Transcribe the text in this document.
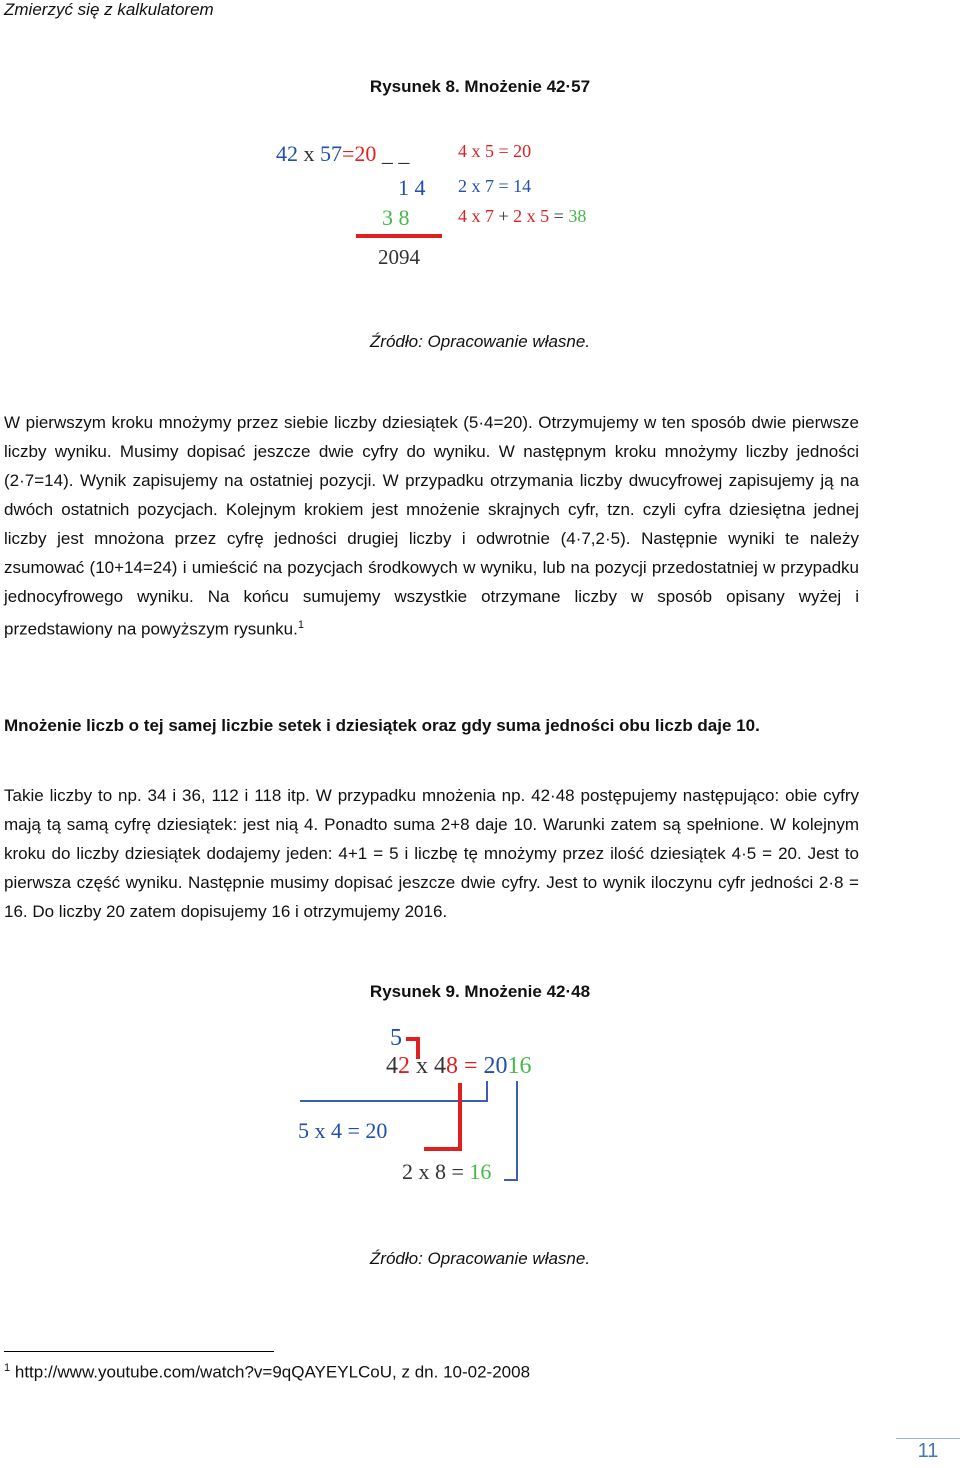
Zmierzyć się z kalkulatorem
Rysunek 8. Mnożenie 42·57
42 x 57=20 _ _
1 4
3 8
2094
4 x 5 = 20
2 x 7 = 14
4 x 7 + 2 x 5 = 38
Źródło: Opracowanie własne.

W pierwszym kroku mnożymy przez siebie liczby dziesiątek (5·4=20). Otrzymujemy w ten sposób dwie pierwsze liczby wyniku. Musimy dopisać jeszcze dwie cyfry do wyniku. W następnym kroku mnożymy liczby jedności (2·7=14). Wynik zapisujemy na ostatniej pozycji. W przypadku otrzymania liczby dwucyfrowej zapisujemy ją na dwóch ostatnich pozycjach. Kolejnym krokiem jest mnożenie skrajnych cyfr, tzn. czyli cyfra dziesiętna jednej liczby jest mnożona przez cyfrę jedności drugiej liczby i odwrotnie (4·7,2·5). Następnie wyniki te należy zsumować (10+14=24) i umieścić na pozycjach środkowych w wyniku, lub na pozycji przedostatniej w przypadku jednocyfrowego wyniku. Na końcu sumujemy wszystkie otrzymane liczby w sposób opisany wyżej i przedstawiony na powyższym rysunku.$^1$

Mnożenie liczb o tej samej liczbie setek i dziesiątek oraz gdy suma jedności obu liczb daje 10.

Takie liczby to np. 34 i 36, 112 i 118 itp. W przypadku mnożenia np. 42·48 postępujemy następująco: obie cyfry mają tą samą cyfrę dziesiątek: jest nią 4. Ponadto suma 2+8 daje 10. Warunki zatem są spełnione. W kolejnym kroku do liczby dziesiątek dodajemy jeden: 4+1 = 5 i liczbę tę mnożymy przez ilość dziesiątek 4·5 = 20. Jest to pierwsza część wyniku. Następnie musimy dopisać jeszcze dwie cyfry. Jest to wynik iloczynu cyfr jedności 2·8 = 16. Do liczby 20 zatem dopisujemy 16 i otrzymujemy 2016.

Rysunek 9. Mnożenie 42·48
5
42 x 48 = 2016
5 x 4 = 20
2 x 8 = 16
Źródło: Opracowanie własne.
$^1$ http://www.youtube.com/watch?v=9qQAYEYLCoU, z dn. 10-02-2008
11
